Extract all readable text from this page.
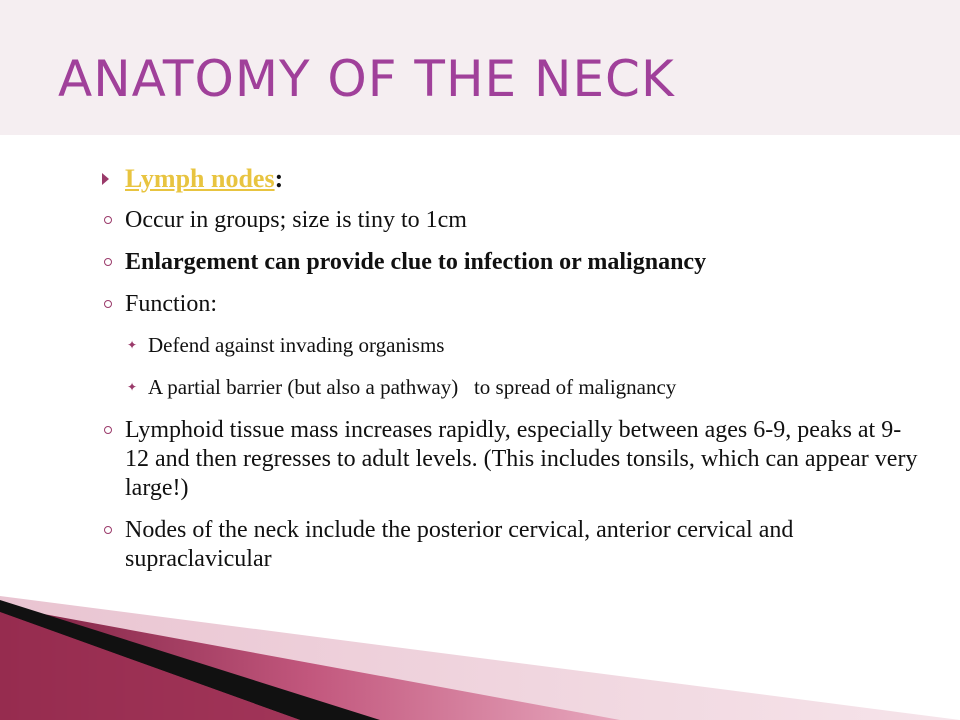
ANATOMY OF THE NECK
Lymph nodes:
Occur in groups; size is tiny to 1cm
Enlargement can provide clue to infection or malignancy
Function:
✦ Defend against invading organisms
✦ A partial barrier (but also a pathway)   to spread of malignancy
Lymphoid tissue mass increases rapidly, especially between ages 6-9, peaks at 9-12 and then regresses to adult levels. (This includes tonsils, which can appear very large!)
Nodes of the neck include the posterior cervical, anterior cervical and supraclavicular
